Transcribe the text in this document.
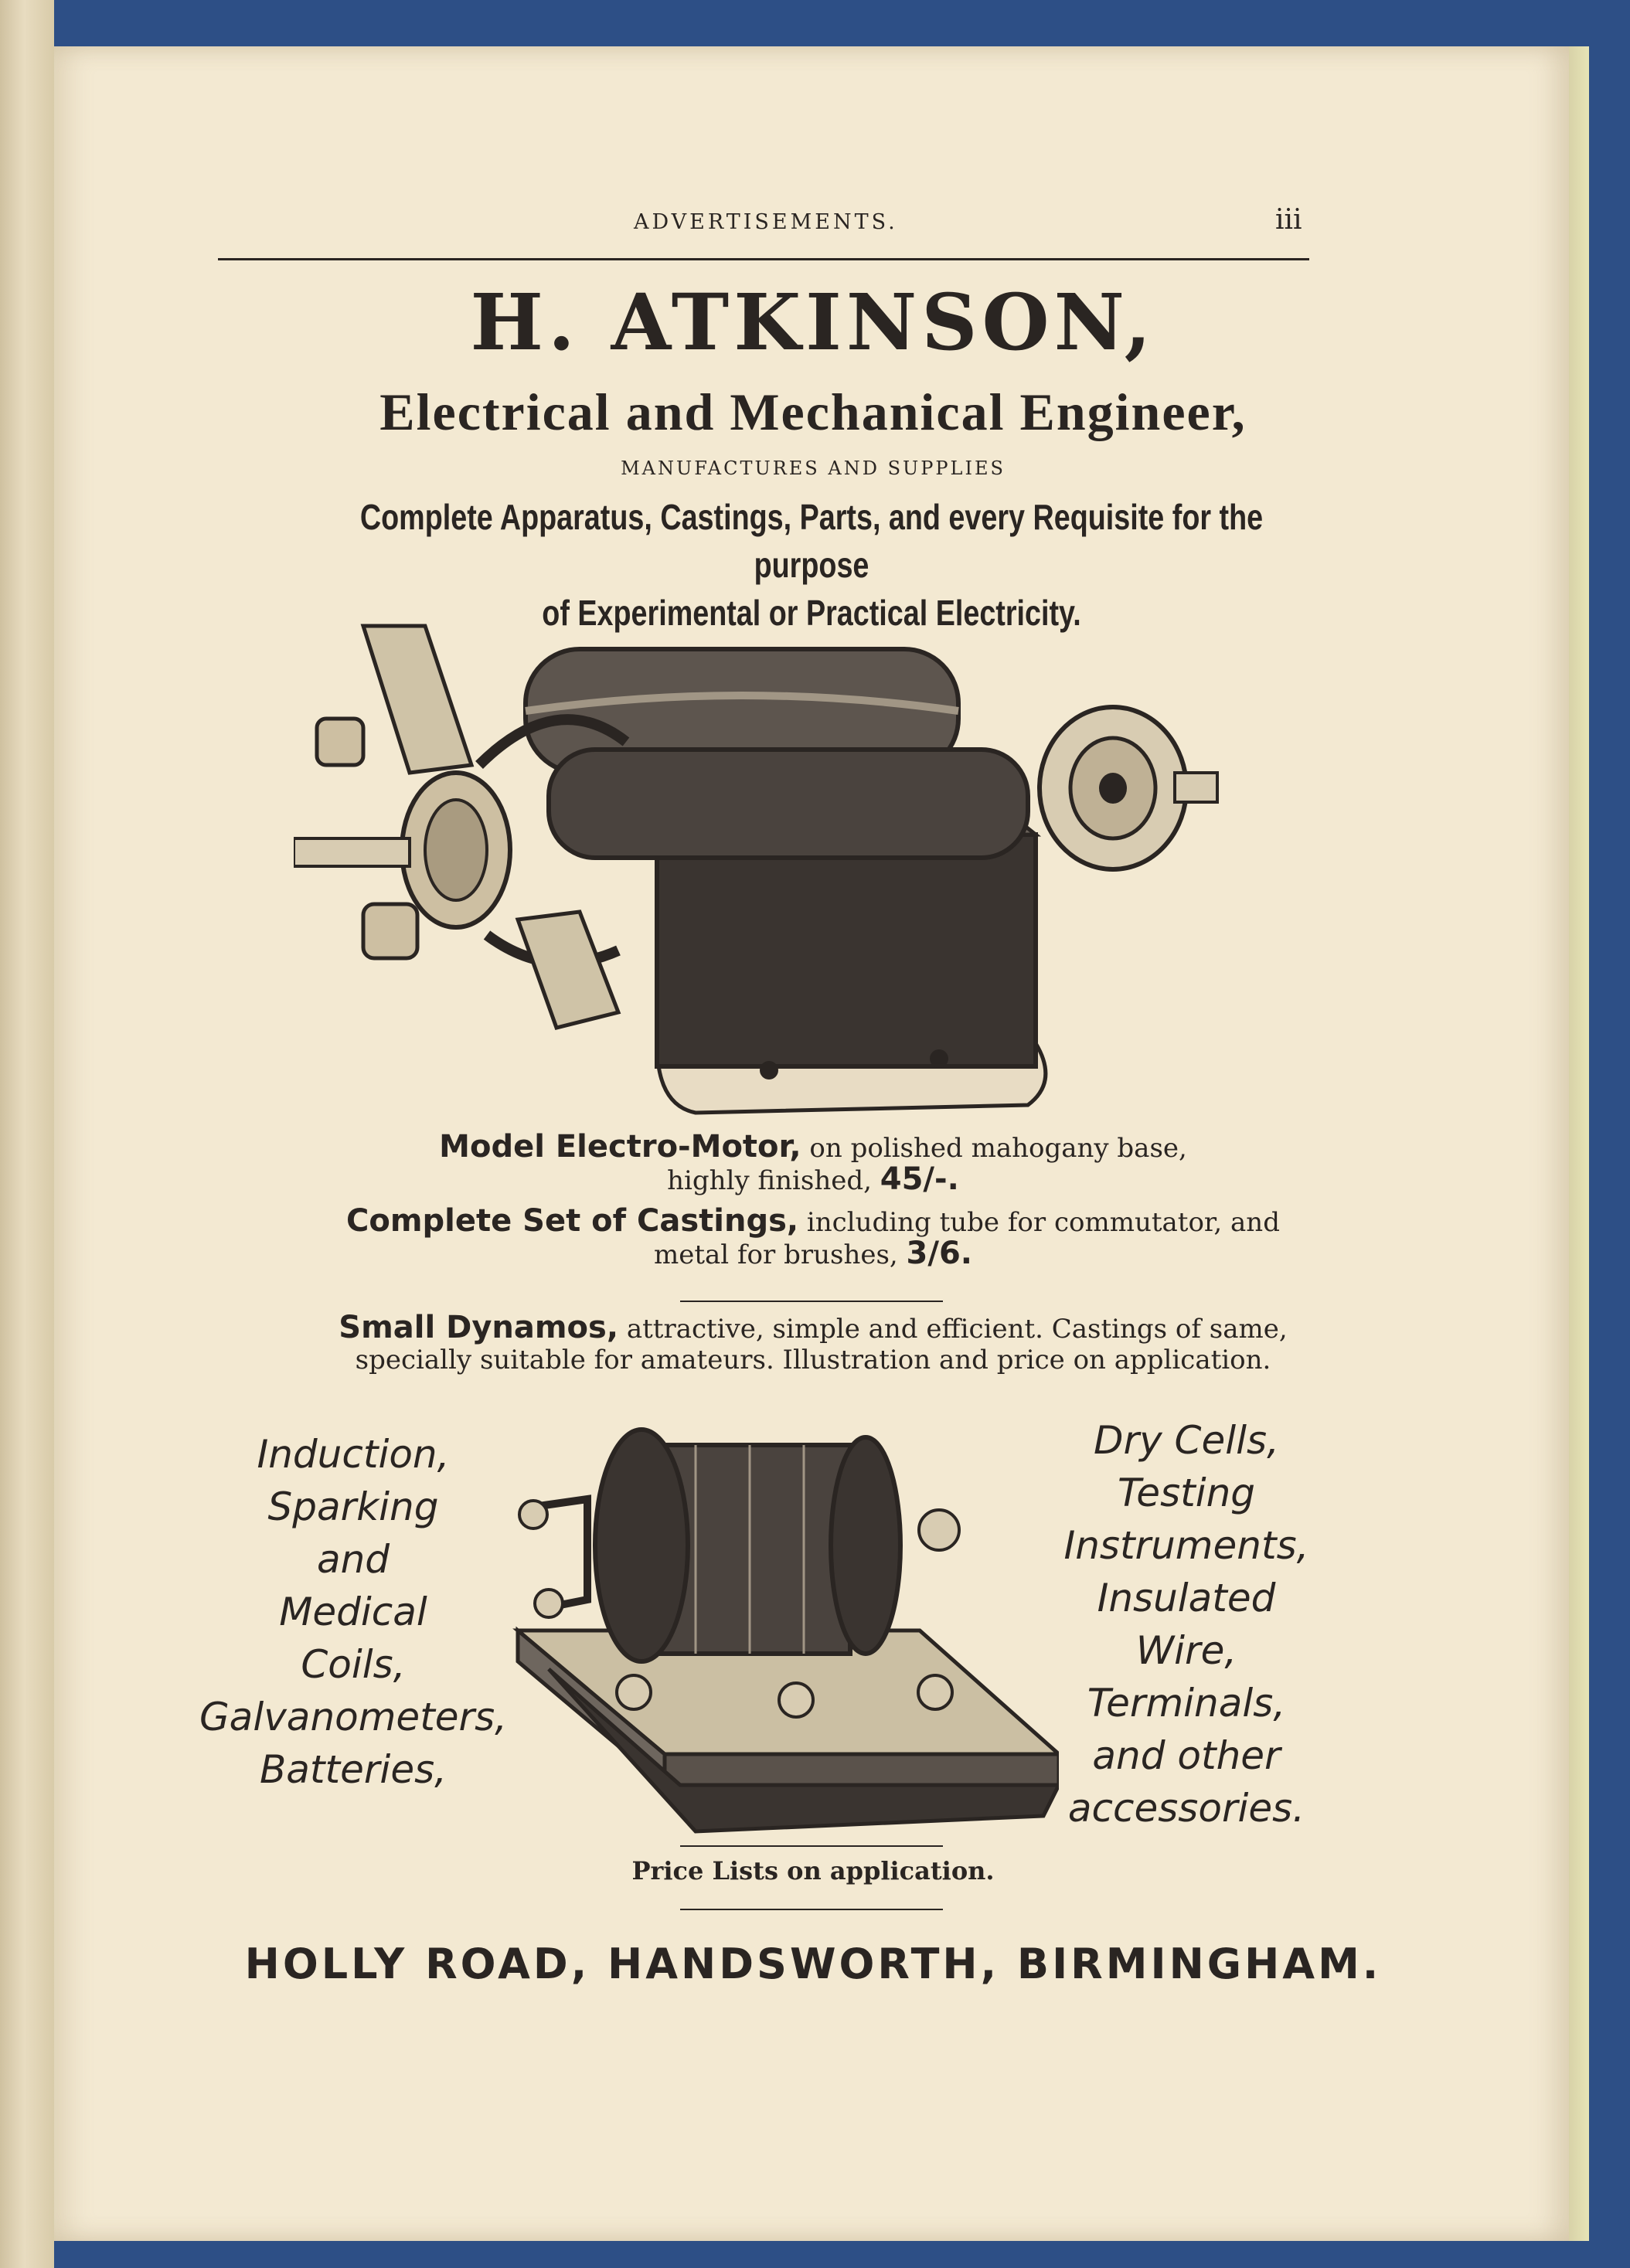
ADVERTISEMENTS.	iii
H. ATKINSON,
Electrical and Mechanical Engineer,
MANUFACTURES AND SUPPLIES
Complete Apparatus, Castings, Parts, and every Requisite for the purpose
of Experimental or Practical Electricity.
Model Electro-Motor, on polished mahogany base,
highly finished, 45/-.
Complete Set of Castings, including tube for commutator, and
metal for brushes, 3/6.
Small Dynamos, attractive, simple and efficient. Castings of same,
specially suitable for amateurs. Illustration and price on application.
Induction,
Sparking
and
Medical
Coils,
Galvanometers,
Batteries,
Dry Cells,
Testing
Instruments,
Insulated
Wire,
Terminals,
and other
accessories.
Price Lists on application.
HOLLY ROAD, HANDSWORTH, BIRMINGHAM.
